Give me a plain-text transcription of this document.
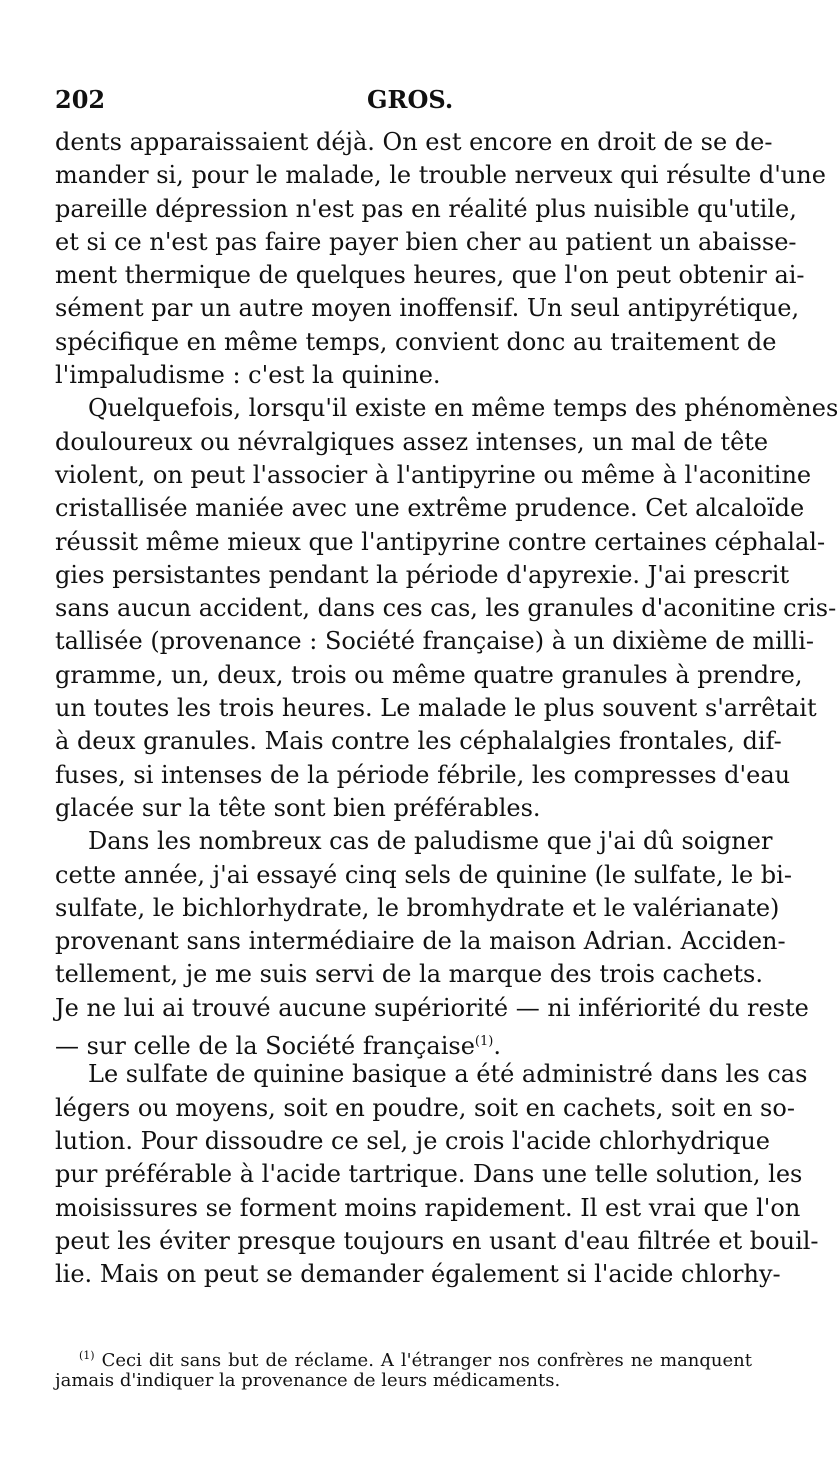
202	GROS.
dents apparaissaient déjà. On est encore en droit de se de-
mander si, pour le malade, le trouble nerveux qui résulte d'une
pareille dépression n'est pas en réalité plus nuisible qu'utile,
et si ce n'est pas faire payer bien cher au patient un abaisse-
ment thermique de quelques heures, que l'on peut obtenir ai-
sément par un autre moyen inoffensif. Un seul antipyrétique,
spécifique en même temps, convient donc au traitement de
l'impaludisme : c'est la quinine.
Quelquefois, lorsqu'il existe en même temps des phénomènes
douloureux ou névralgiques assez intenses, un mal de tête
violent, on peut l'associer à l'antipyrine ou même à l'aconitine
cristallisée maniée avec une extrême prudence. Cet alcaloïde
réussit même mieux que l'antipyrine contre certaines céphalal-
gies persistantes pendant la période d'apyrexie. J'ai prescrit
sans aucun accident, dans ces cas, les granules d'aconitine cris-
tallisée (provenance : Société française) à un dixième de milli-
gramme, un, deux, trois ou même quatre granules à prendre,
un toutes les trois heures. Le malade le plus souvent s'arrêtait
à deux granules. Mais contre les céphalalgies frontales, dif-
fuses, si intenses de la période fébrile, les compresses d'eau
glacée sur la tête sont bien préférables.
Dans les nombreux cas de paludisme que j'ai dû soigner
cette année, j'ai essayé cinq sels de quinine (le sulfate, le bi-
sulfate, le bichlorhydrate, le bromhydrate et le valérianate)
provenant sans intermédiaire de la maison Adrian. Acciden-
tellement, je me suis servi de la marque des trois cachets.
Je ne lui ai trouvé aucune supériorité — ni infériorité du reste
— sur celle de la Société française$^{(1)}$.
Le sulfate de quinine basique a été administré dans les cas
légers ou moyens, soit en poudre, soit en cachets, soit en so-
lution. Pour dissoudre ce sel, je crois l'acide chlorhydrique
pur préférable à l'acide tartrique. Dans une telle solution, les
moisissures se forment moins rapidement. Il est vrai que l'on
peut les éviter presque toujours en usant d'eau filtrée et bouil-
lie. Mais on peut se demander également si l'acide chlorhy-
$^{(1)}$ Ceci dit sans but de réclame. A l'étranger nos confrères ne manquent
jamais d'indiquer la provenance de leurs médicaments.
